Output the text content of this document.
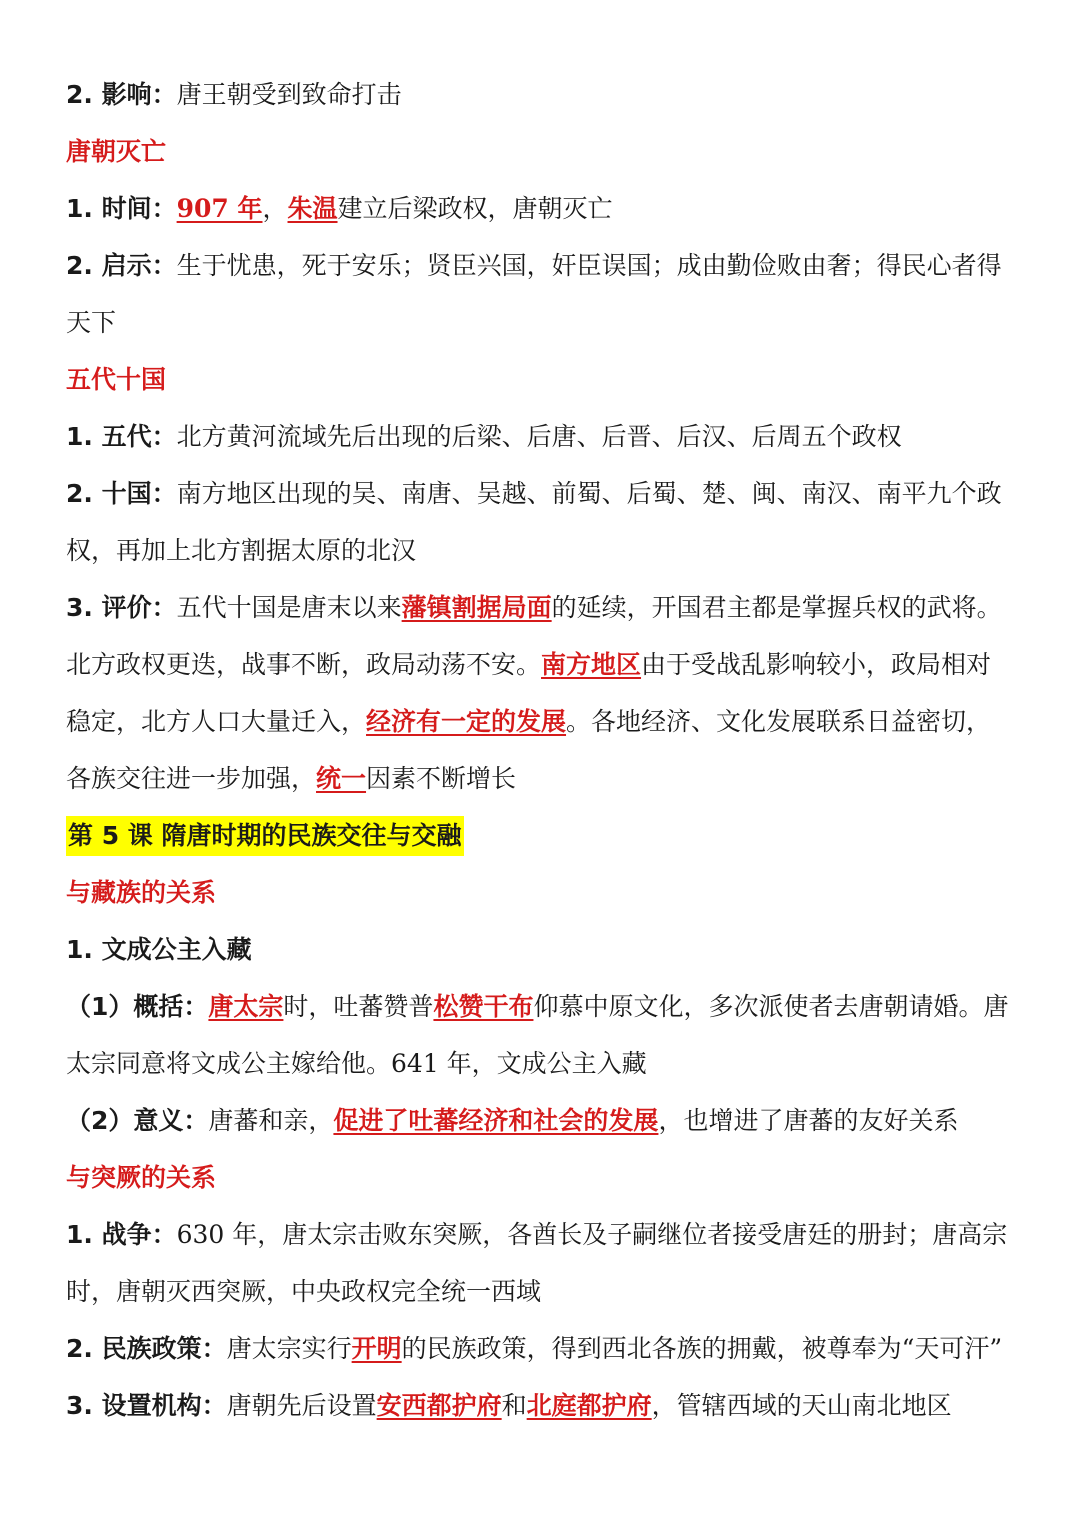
2. 影响：唐王朝受到致命打击
唐朝灭亡
1. 时间：907 年，朱温建立后梁政权，唐朝灭亡
2. 启示：生于忧患，死于安乐；贤臣兴国，奸臣误国；成由勤俭败由奢；得民心者得
天下
五代十国
1. 五代：北方黄河流域先后出现的后梁、后唐、后晋、后汉、后周五个政权
2. 十国：南方地区出现的吴、南唐、吴越、前蜀、后蜀、楚、闽、南汉、南平九个政
权，再加上北方割据太原的北汉
3. 评价：五代十国是唐末以来藩镇割据局面的延续，开国君主都是掌握兵权的武将。
北方政权更迭，战事不断，政局动荡不安。南方地区由于受战乱影响较小，政局相对
稳定，北方人口大量迁入，经济有一定的发展。各地经济、文化发展联系日益密切，
各族交往进一步加强，统一因素不断增长
第 5 课 隋唐时期的民族交往与交融
与藏族的关系
1. 文成公主入藏
（1）概括：唐太宗时，吐蕃赞普松赞干布仰慕中原文化，多次派使者去唐朝请婚。唐
太宗同意将文成公主嫁给他。641 年，文成公主入藏
（2）意义：唐蕃和亲，促进了吐蕃经济和社会的发展，也增进了唐蕃的友好关系
与突厥的关系
1. 战争：630 年，唐太宗击败东突厥，各酋长及子嗣继位者接受唐廷的册封；唐高宗
时，唐朝灭西突厥，中央政权完全统一西域
2. 民族政策：唐太宗实行开明的民族政策，得到西北各族的拥戴，被尊奉为“天可汗”
3. 设置机构：唐朝先后设置安西都护府和北庭都护府，管辖西域的天山南北地区
